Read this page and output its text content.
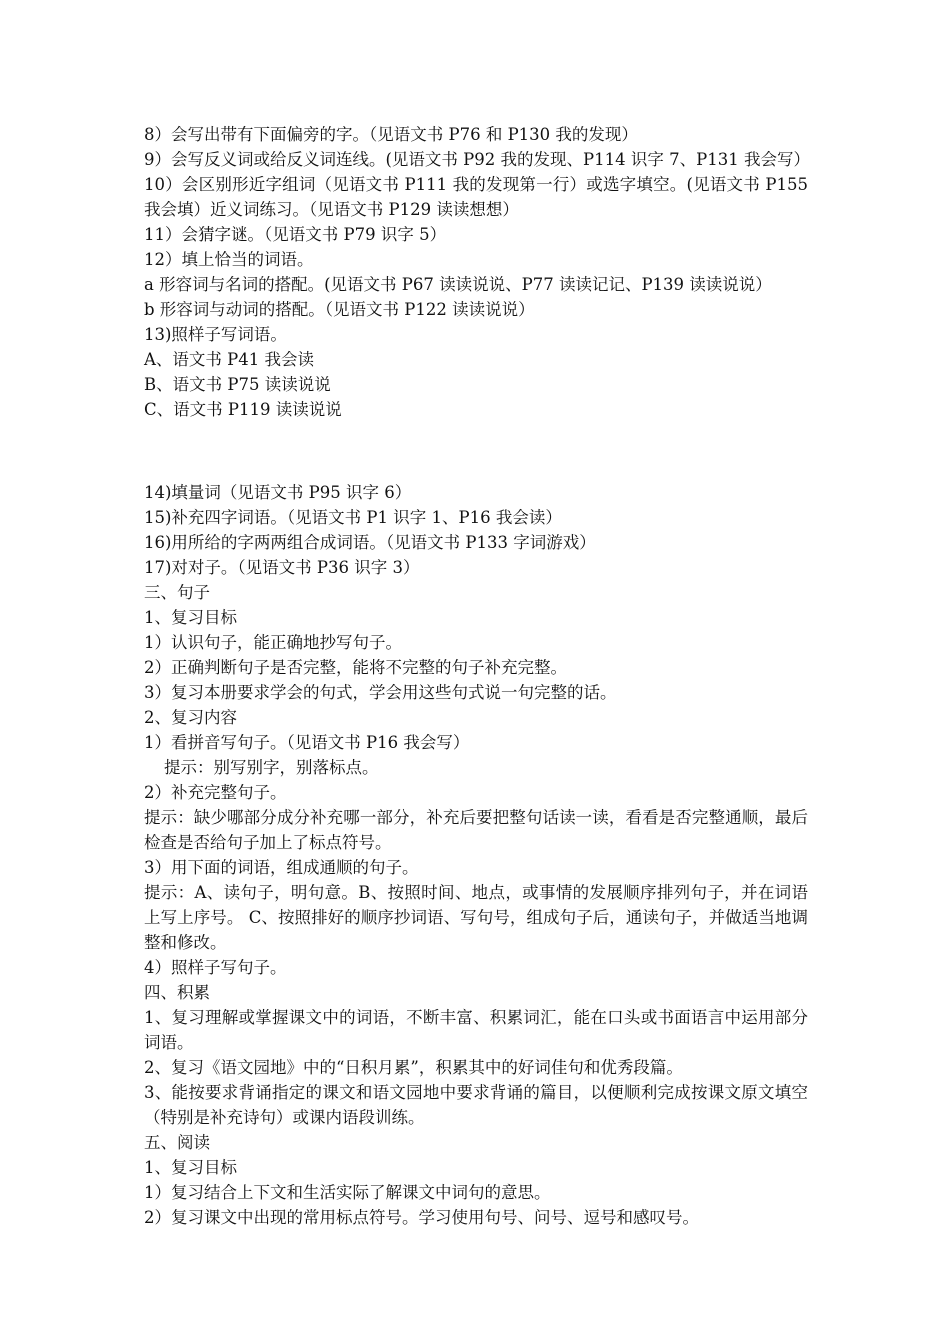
8）会写出带有下面偏旁的字。（见语文书 P76 和 P130 我的发现）

9）会写反义词或给反义词连线。(见语文书 P92 我的发现、P114 识字 7、P131 我会写）

10）会区别形近字组词（见语文书 P111 我的发现第一行）或选字填空。(见语文书 P155 我会填）近义词练习。（见语文书 P129 读读想想）

11）会猜字谜。（见语文书 P79 识字 5）

12）填上恰当的词语。

a 形容词与名词的搭配。(见语文书 P67 读读说说、P77 读读记记、P139 读读说说）

b 形容词与动词的搭配。（见语文书 P122 读读说说）

13)照样子写词语。

A、语文书 P41 我会读

B、语文书 P75 读读说说

C、语文书 P119 读读说说

14)填量词（见语文书 P95 识字 6）

15)补充四字词语。（见语文书 P1 识字 1、P16 我会读）

16)用所给的字两两组合成词语。（见语文书 P133 字词游戏）

17)对对子。（见语文书 P36 识字 3）

三、句子

1、复习目标

1）认识句子，能正确地抄写句子。

2）正确判断句子是否完整，能将不完整的句子补充完整。

3）复习本册要求学会的句式，学会用这些句式说一句完整的话。

2、复习内容

1）看拼音写句子。（见语文书 P16 我会写）

提示：别写别字，别落标点。

2）补充完整句子。

提示：缺少哪部分成分补充哪一部分，补充后要把整句话读一读，看看是否完整通顺，最后检查是否给句子加上了标点符号。

3）用下面的词语，组成通顺的句子。

提示：A、读句子，明句意。B、按照时间、地点，或事情的发展顺序排列句子，并在词语上写上序号。 C、按照排好的顺序抄词语、写句号，组成句子后，通读句子，并做适当地调整和修改。

4）照样子写句子。

四、积累

1、复习理解或掌握课文中的词语，不断丰富、积累词汇，能在口头或书面语言中运用部分词语。

2、复习《语文园地》中的“日积月累”，积累其中的好词佳句和优秀段篇。

3、能按要求背诵指定的课文和语文园地中要求背诵的篇目，以便顺利完成按课文原文填空（特别是补充诗句）或课内语段训练。

五、阅读

1、复习目标

1）复习结合上下文和生活实际了解课文中词句的意思。

2）复习课文中出现的常用标点符号。学习使用句号、问号、逗号和感叹号。
